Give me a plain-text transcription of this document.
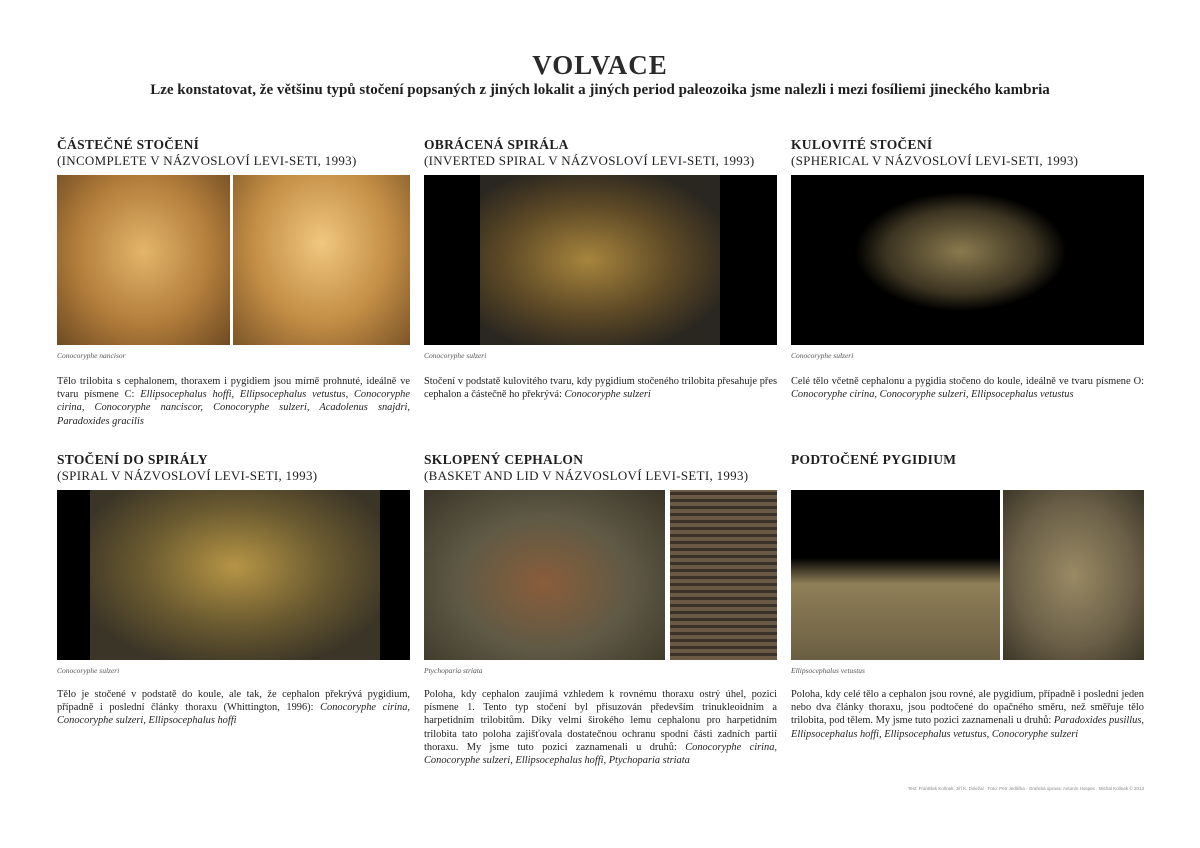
VOLVACE
Lze konstatovat, že většinu typů stočení popsaných z jiných lokalit a jiných period paleozoika jsme nalezli i mezi fosíliemi jineckého kambria
ČÁSTEČNÉ STOČENÍ
(INCOMPLETE V NÁZVOSLOVÍ LEVI-SETI, 1993)
Conocoryphe nancisor
Tělo trilobita s cephalonem, thoraxem i pygidiem jsou mírně prohnuté, ideálně ve tvaru písmene C: Ellipsocephalus hoffi, Ellipsocephalus vetustus, Conocoryphe cirina, Conocoryphe nanciscor, Conocoryphe sulzeri, Acadolenus snajdri, Paradoxides gracilis
OBRÁCENÁ SPIRÁLA
(INVERTED SPIRAL V NÁZVOSLOVÍ LEVI-SETI, 1993)
Conocoryphe sulzeri
Stočení v podstatě kulovitého tvaru, kdy pygidium stočeného trilobita přesahuje přes cephalon a částečně ho překrývá: Conocoryphe sulzeri
KULOVITÉ STOČENÍ
(SPHERICAL V NÁZVOSLOVÍ LEVI-SETI, 1993)
Conocoryphe sulzeri
Celé tělo včetně cephalonu a pygidia stočeno do koule, ideálně ve tvaru písmene O: Conocoryphe cirina, Conocoryphe sulzeri, Ellipsocephalus vetustus
STOČENÍ DO SPIRÁLY
(SPIRAL V NÁZVOSLOVÍ LEVI-SETI, 1993)
Conocoryphe sulzeri
Tělo je stočené v podstatě do koule, ale tak, že cephalon překrývá pygidium, případně i poslední články thoraxu (Whittington, 1996): Conocoryphe cirina, Conocoryphe sulzeri, Ellipsocephalus hoffi
SKLOPENÝ CEPHALON
(BASKET AND LID V NÁZVOSLOVÍ LEVI-SETI, 1993)
Ptychoparia striata
Poloha, kdy cephalon zaujímá vzhledem k rovnému thoraxu ostrý úhel, pozici písmene 1. Tento typ stočení byl přisuzován především trinukleoidním a harpetidním trilobitům. Díky velmi širokého lemu cephalonu pro harpetidním trilobita tato poloha zajišťovala dostatečnou ochranu spodní části zadních partií thoraxu. My jsme tuto pozici zaznamenali u druhů: Conocoryphe cirina, Conocoryphe sulzeri, Ellipsocephalus hoffi, Ptychoparia striata
PODTOČENÉ PYGIDIUM
Ellipsocephalus vetustus
Poloha, kdy celé tělo a cephalon jsou rovné, ale pygidium, případně i poslední jeden nebo dva články thoraxu, jsou podtočené do opačného směru, než směřuje tělo trilobita, pod tělem. My jsme tuto pozici zaznamenali u druhů: Paradoxides pusillus, Ellipsocephalus hoffi, Ellipsocephalus vetustus, Conocoryphe sulzeri
Text: František Kolínek, Jiří K. Doležal · Foto: Petr Jedlička · Grafická úprava: Antonín Hospes · Michal Kolínek © 2013
